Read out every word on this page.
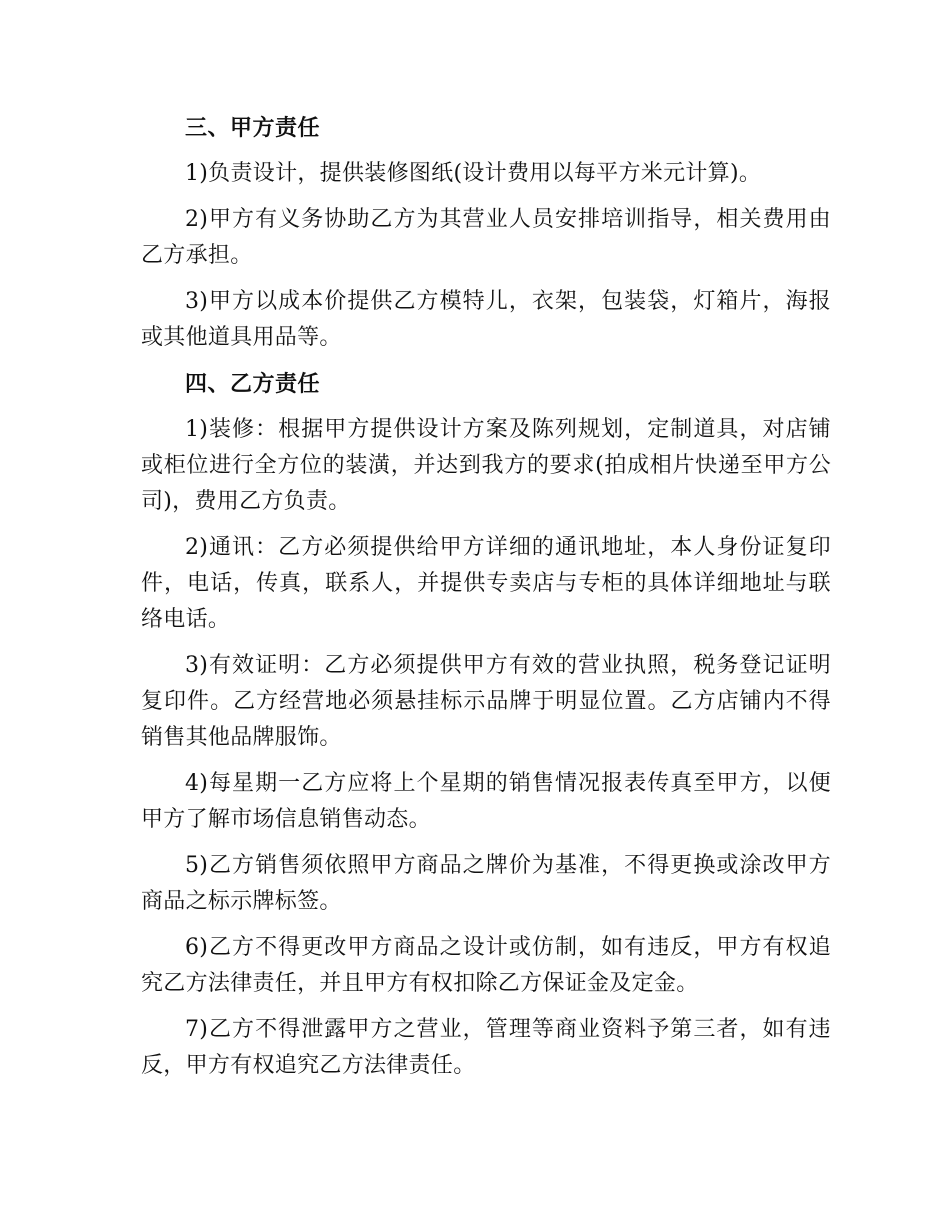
三、甲方责任

1)负责设计，提供装修图纸(设计费用以每平方米元计算)。

2)甲方有义务协助乙方为其营业人员安排培训指导，相关费用由乙方承担。

3)甲方以成本价提供乙方模特儿，衣架，包装袋，灯箱片，海报或其他道具用品等。

四、乙方责任

1)装修：根据甲方提供设计方案及陈列规划，定制道具，对店铺或柜位进行全方位的装潢，并达到我方的要求(拍成相片快递至甲方公司)，费用乙方负责。

2)通讯：乙方必须提供给甲方详细的通讯地址，本人身份证复印件，电话，传真，联系人，并提供专卖店与专柜的具体详细地址与联络电话。

3)有效证明：乙方必须提供甲方有效的营业执照，税务登记证明复印件。乙方经营地必须悬挂标示品牌于明显位置。乙方店铺内不得销售其他品牌服饰。

4)每星期一乙方应将上个星期的销售情况报表传真至甲方，以便甲方了解市场信息销售动态。

5)乙方销售须依照甲方商品之牌价为基准，不得更换或涂改甲方商品之标示牌标签。

6)乙方不得更改甲方商品之设计或仿制，如有违反，甲方有权追究乙方法律责任，并且甲方有权扣除乙方保证金及定金。

7)乙方不得泄露甲方之营业，管理等商业资料予第三者，如有违反，甲方有权追究乙方法律责任。
